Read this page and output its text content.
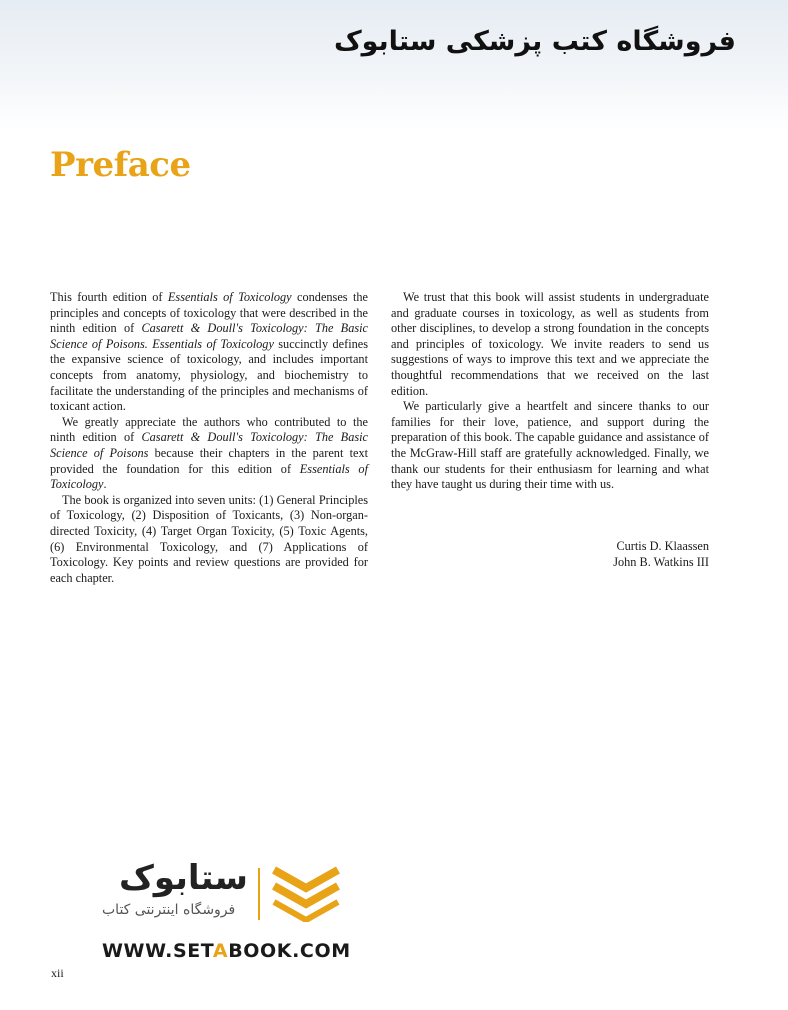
فروشگاه کتب پزشکی ستابوک
Preface

This fourth edition of Essentials of Toxicology condenses the principles and concepts of toxicology that were described in the ninth edition of Casarett & Doull's Toxicology: The Basic Science of Poisons. Essentials of Toxicology succinctly defines the expansive science of toxicology, and includes important concepts from anatomy, physiology, and biochemistry to facilitate the understanding of the principles and mechanisms of toxicant action.

We greatly appreciate the authors who contributed to the ninth edition of Casarett & Doull's Toxicology: The Basic Science of Poisons because their chapters in the parent text provided the foundation for this edition of Essentials of Toxicology.

The book is organized into seven units: (1) General Principles of Toxicology, (2) Disposition of Toxicants, (3) Non-organ-directed Toxicity, (4) Target Organ Toxicity, (5) Toxic Agents, (6) Environmental Toxicology, and (7) Applications of Toxicology. Key points and review questions are provided for each chapter.

We trust that this book will assist students in undergraduate and graduate courses in toxicology, as well as students from other disciplines, to develop a strong foundation in the concepts and principles of toxicology. We invite readers to send us suggestions of ways to improve this text and we appreciate the thoughtful recommendations that we received on the last edition.

We particularly give a heartfelt and sincere thanks to our families for their love, patience, and support during the preparation of this book. The capable guidance and assistance of the McGraw-Hill staff are gratefully acknowledged. Finally, we thank our students for their enthusiasm for learning and what they have taught us during their time with us.

Curtis D. Klaassen
John B. Watkins III
ستابوک
فروشگاه اینترنتی کتاب
WWW.SETABOOK.COM
xii
